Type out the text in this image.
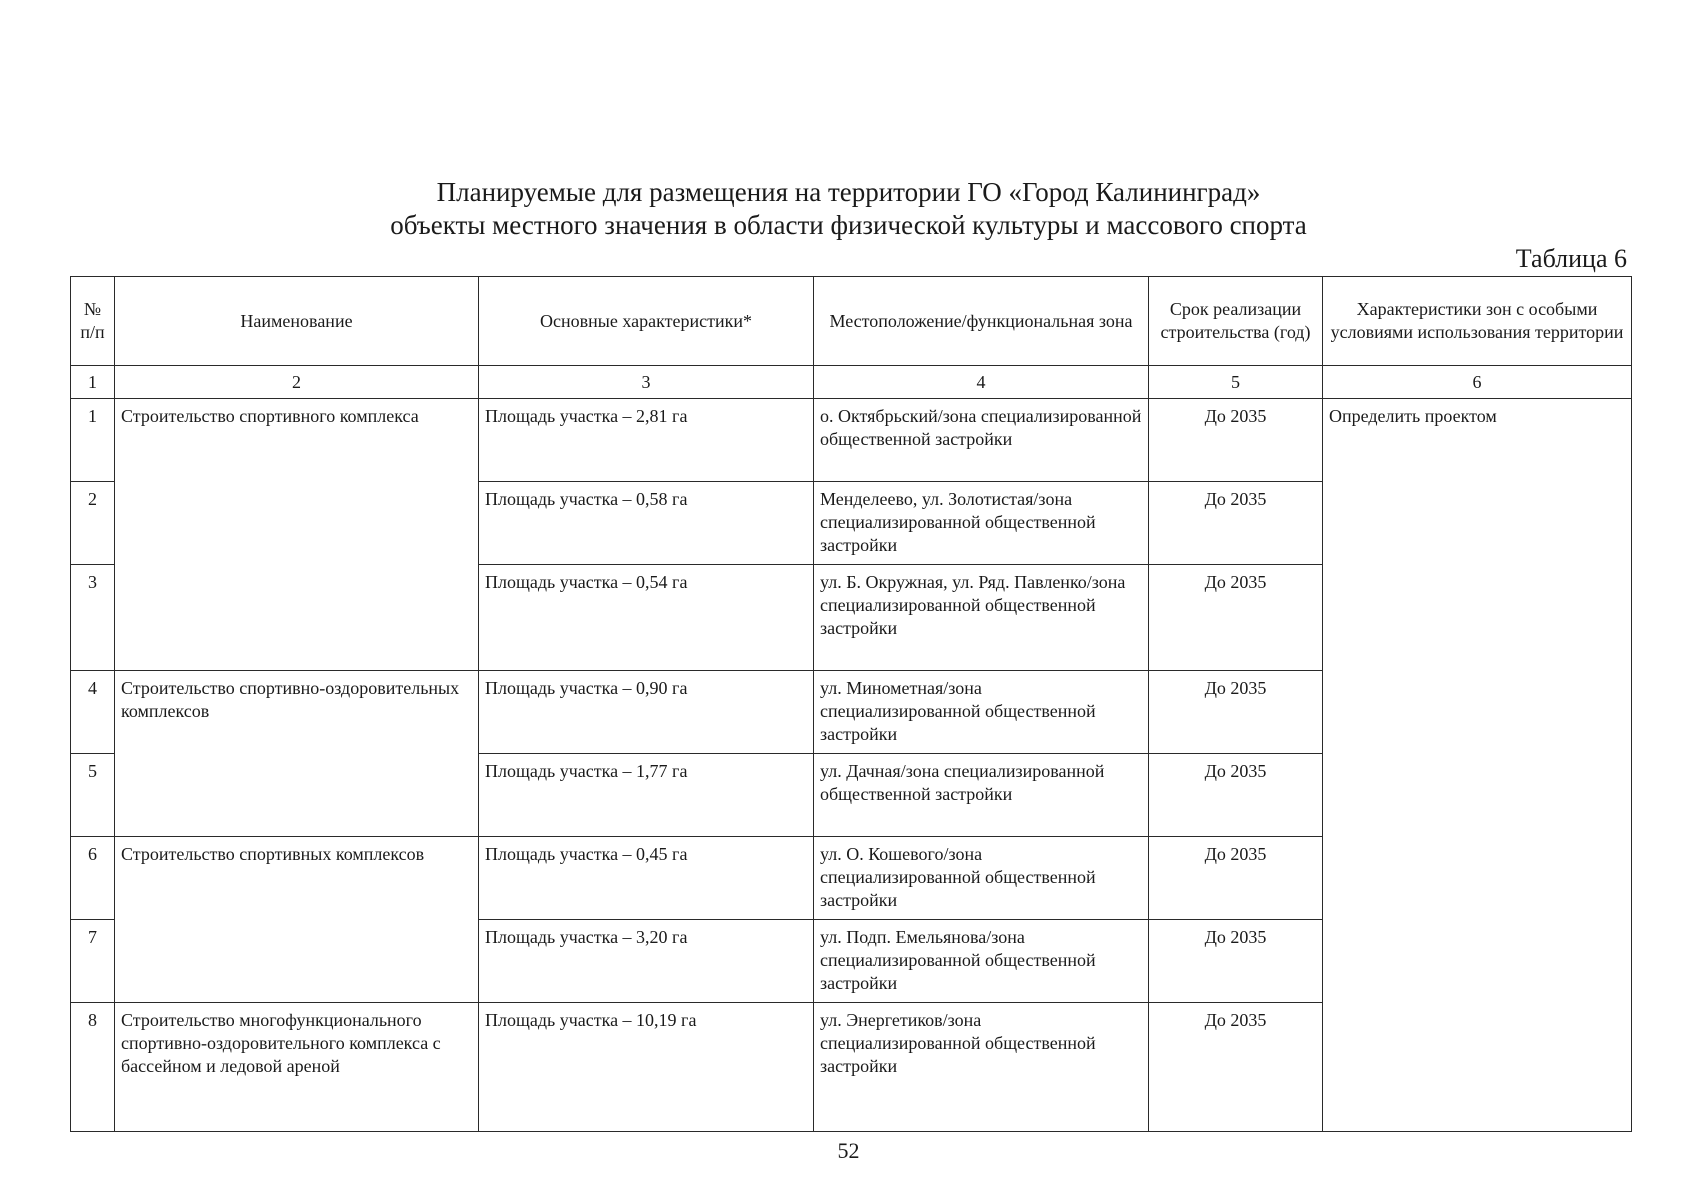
Планируемые для размещения на территории ГО «Город Калининград»
объекты местного значения в области физической культуры и массового спорта
Таблица 6
№ п/п	Наименование	Основные характеристики*	Местоположение/функциональная зона	Срок реализации строительства (год)	Характеристики зон с особыми условиями использования территории
1	2	3	4	5	6
1	Строительство спортивного комплекса	Площадь участка – 2,81 га	о. Октябрьский/зона специализированной общественной застройки	До 2035	Определить проектом
2		Площадь участка – 0,58 га	Менделеево, ул. Золотистая/зона специализированной общественной застройки	До 2035	
3		Площадь участка – 0,54 га	ул. Б. Окружная, ул. Ряд. Павленко/зона специализированной общественной застройки	До 2035	
4	Строительство спортивно-оздоровительных комплексов	Площадь участка – 0,90 га	ул. Минометная/зона специализированной общественной застройки	До 2035	
5		Площадь участка – 1,77 га	ул. Дачная/зона специализированной общественной застройки	До 2035	
6	Строительство спортивных комплексов	Площадь участка – 0,45 га	ул. О. Кошевого/зона специализированной общественной застройки	До 2035	
7		Площадь участка – 3,20 га	ул. Подп. Емельянова/зона специализированной общественной застройки	До 2035	
8	Строительство многофункционального спортивно-оздоровительного комплекса с бассейном и ледовой ареной	Площадь участка – 10,19 га	ул. Энергетиков/зона специализированной общественной застройки	До 2035	
52
